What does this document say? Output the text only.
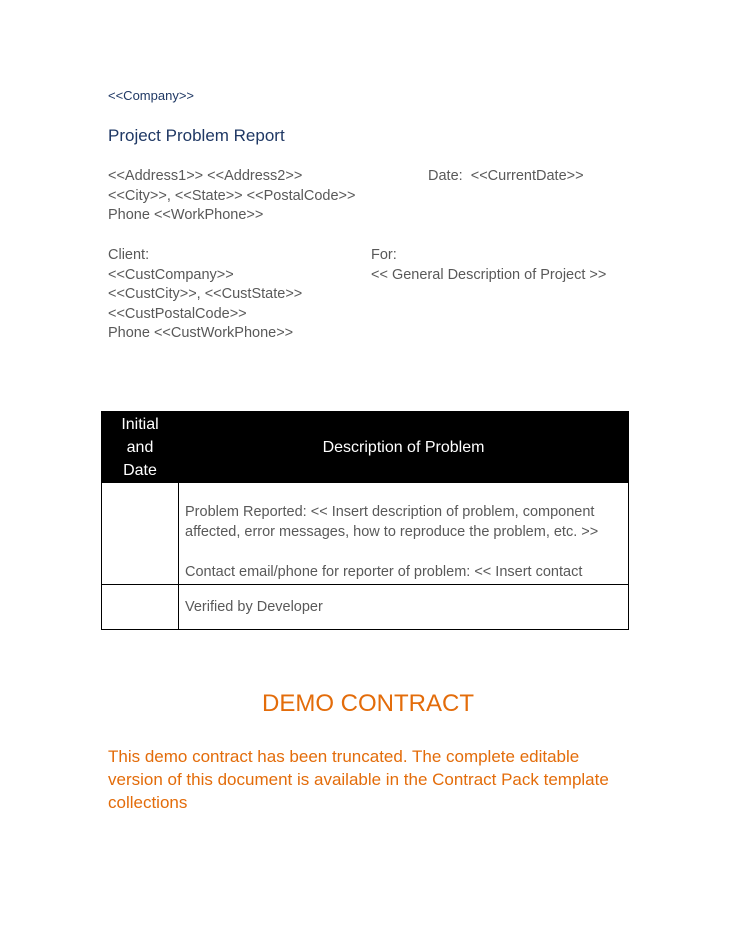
<<Company>>
Project Problem Report
<<Address1>> <<Address2>>
<<City>>, <<State>> <<PostalCode>>
Phone <<WorkPhone>>
Date: <<CurrentDate>>
Client:
<<CustCompany>>
<<CustCity>>, <<CustState>>
<<CustPostalCode>>
Phone <<CustWorkPhone>>
For:
<< General Description of Project >>
Initial
and
Date	Description of Problem

	Problem Reported: << Insert description of problem, component affected, error messages, how to reproduce the problem, etc. >>
Contact email/phone for reporter of problem: << Insert contact

	Verified by Developer
DEMO CONTRACT
This demo contract has been truncated. The complete editable version of this document is available in the Contract Pack template collections
